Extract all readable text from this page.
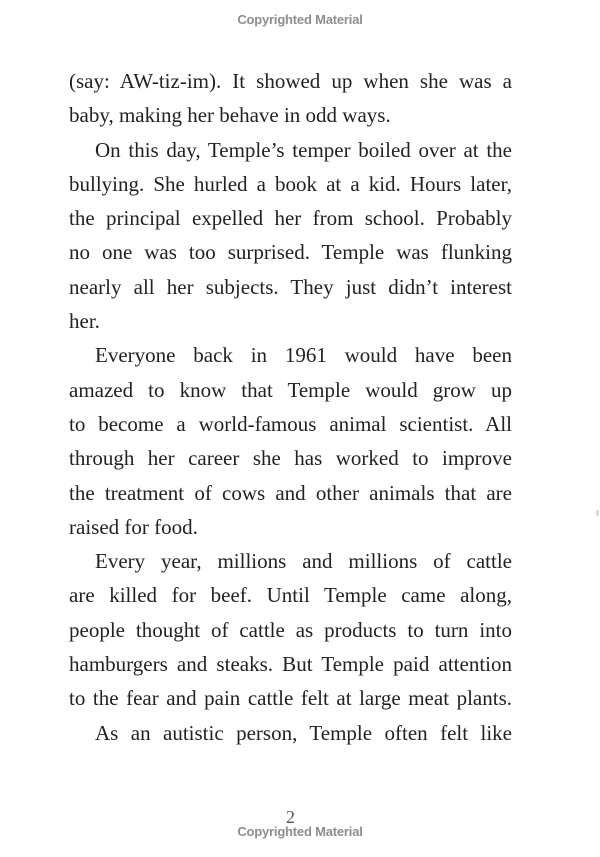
Copyrighted Material
(say: AW-tiz-im). It showed up when she was a
baby, making her behave in odd ways.
On this day, Temple’s temper boiled over at the
bullying. She hurled a book at a kid. Hours later,
the principal expelled her from school. Probably
no one was too surprised. Temple was flunking
nearly all her subjects. They just didn’t interest
her.
Everyone back in 1961 would have been
amazed to know that Temple would grow up
to become a world-famous animal scientist. All
through her career she has worked to improve
the treatment of cows and other animals that are
raised for food.
Every year, millions and millions of cattle
are killed for beef. Until Temple came along,
people thought of cattle as products to turn into
hamburgers and steaks. But Temple paid attention
to the fear and pain cattle felt at large meat plants.
As an autistic person, Temple often felt like
2
Copyrighted Material
